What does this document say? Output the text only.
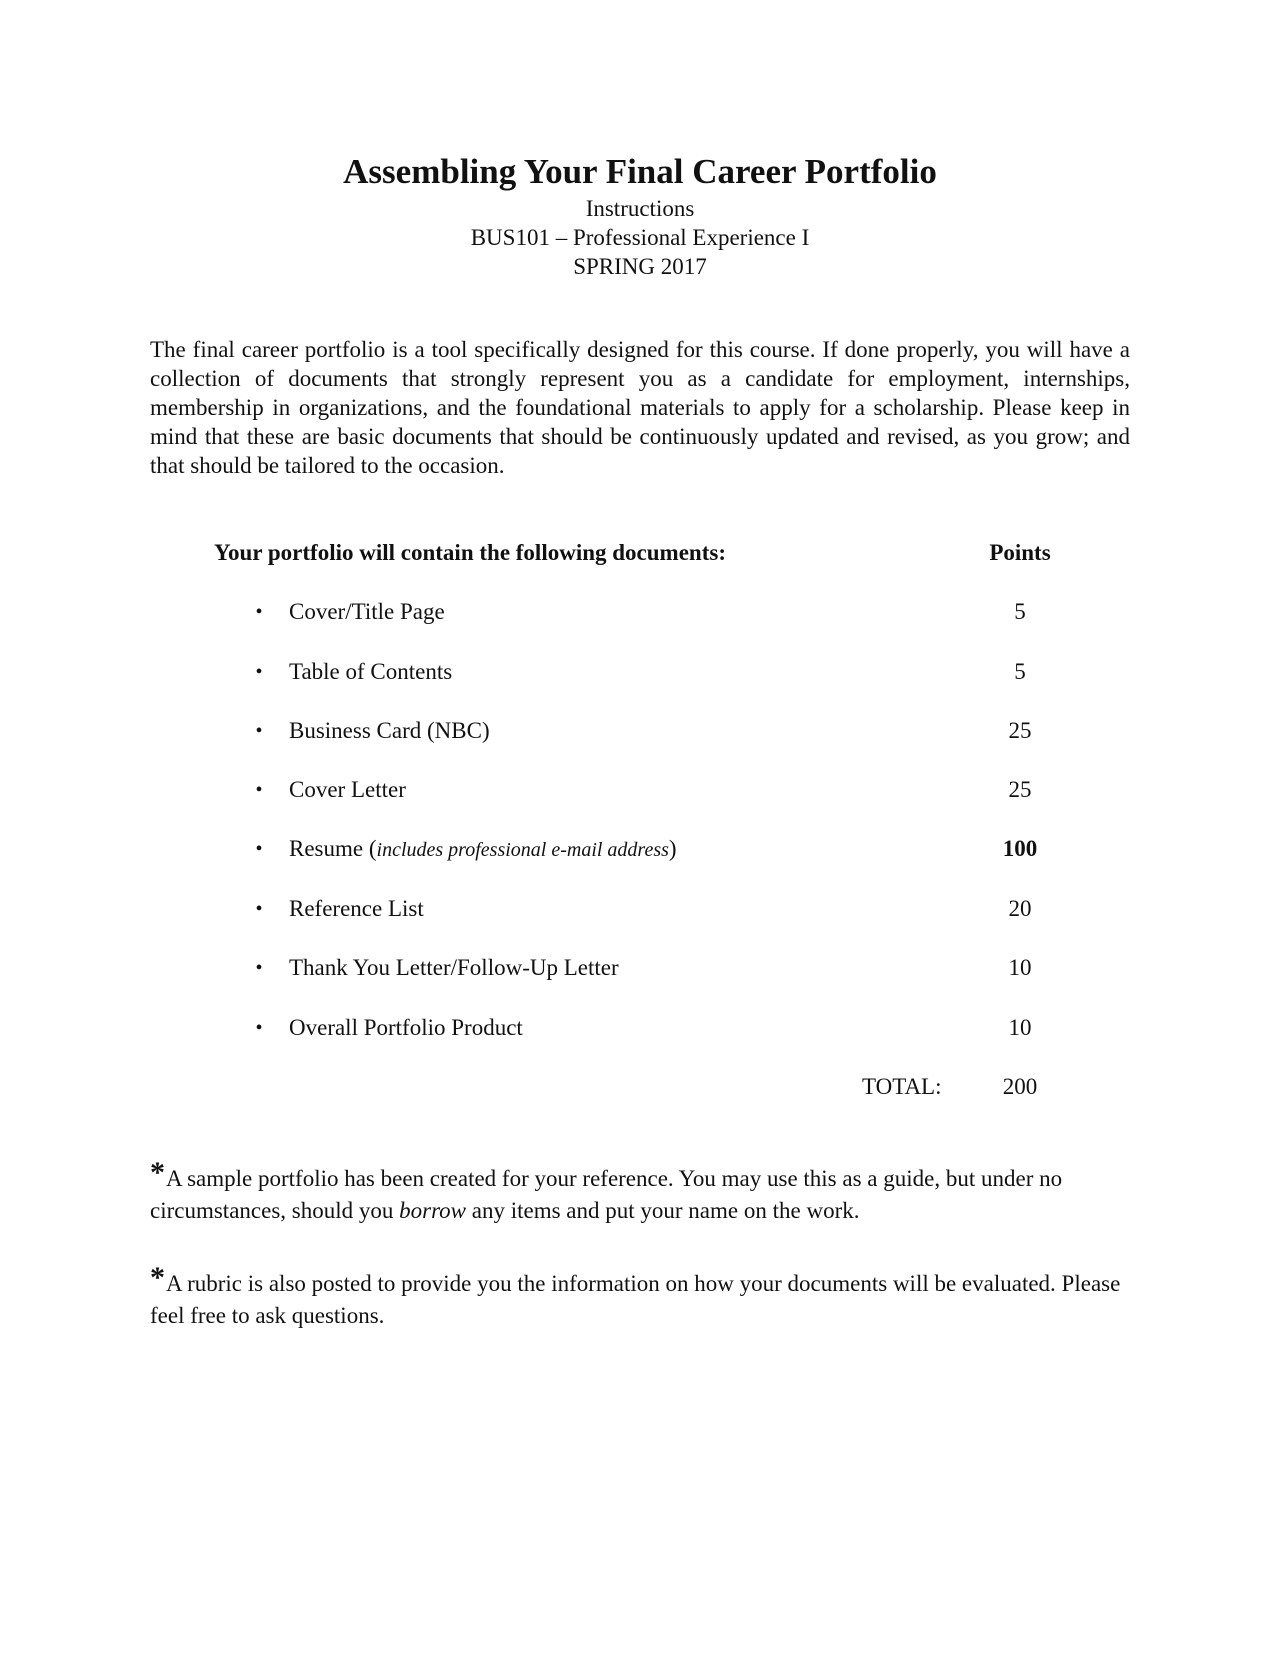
Assembling Your Final Career Portfolio

Instructions

BUS101 – Professional Experience I

SPRING 2017

The final career portfolio is a tool specifically designed for this course. If done properly, you will have a collection of documents that strongly represent you as a candidate for employment, internships, membership in organizations, and the foundational materials to apply for a scholarship. Please keep in mind that these are basic documents that should be continuously updated and revised, as you grow; and that should be tailored to the occasion.

Your portfolio will contain the following documents:	Points
• Cover/Title Page	5
• Table of Contents	5
• Business Card (NBC)	25
• Cover Letter	25
• Resume (includes professional e-mail address)	100
• Reference List	20
• Thank You Letter/Follow-Up Letter	10
• Overall Portfolio Product	10
TOTAL:	200

*A sample portfolio has been created for your reference. You may use this as a guide, but under no circumstances, should you borrow any items and put your name on the work.

*A rubric is also posted to provide you the information on how your documents will be evaluated. Please feel free to ask questions.
